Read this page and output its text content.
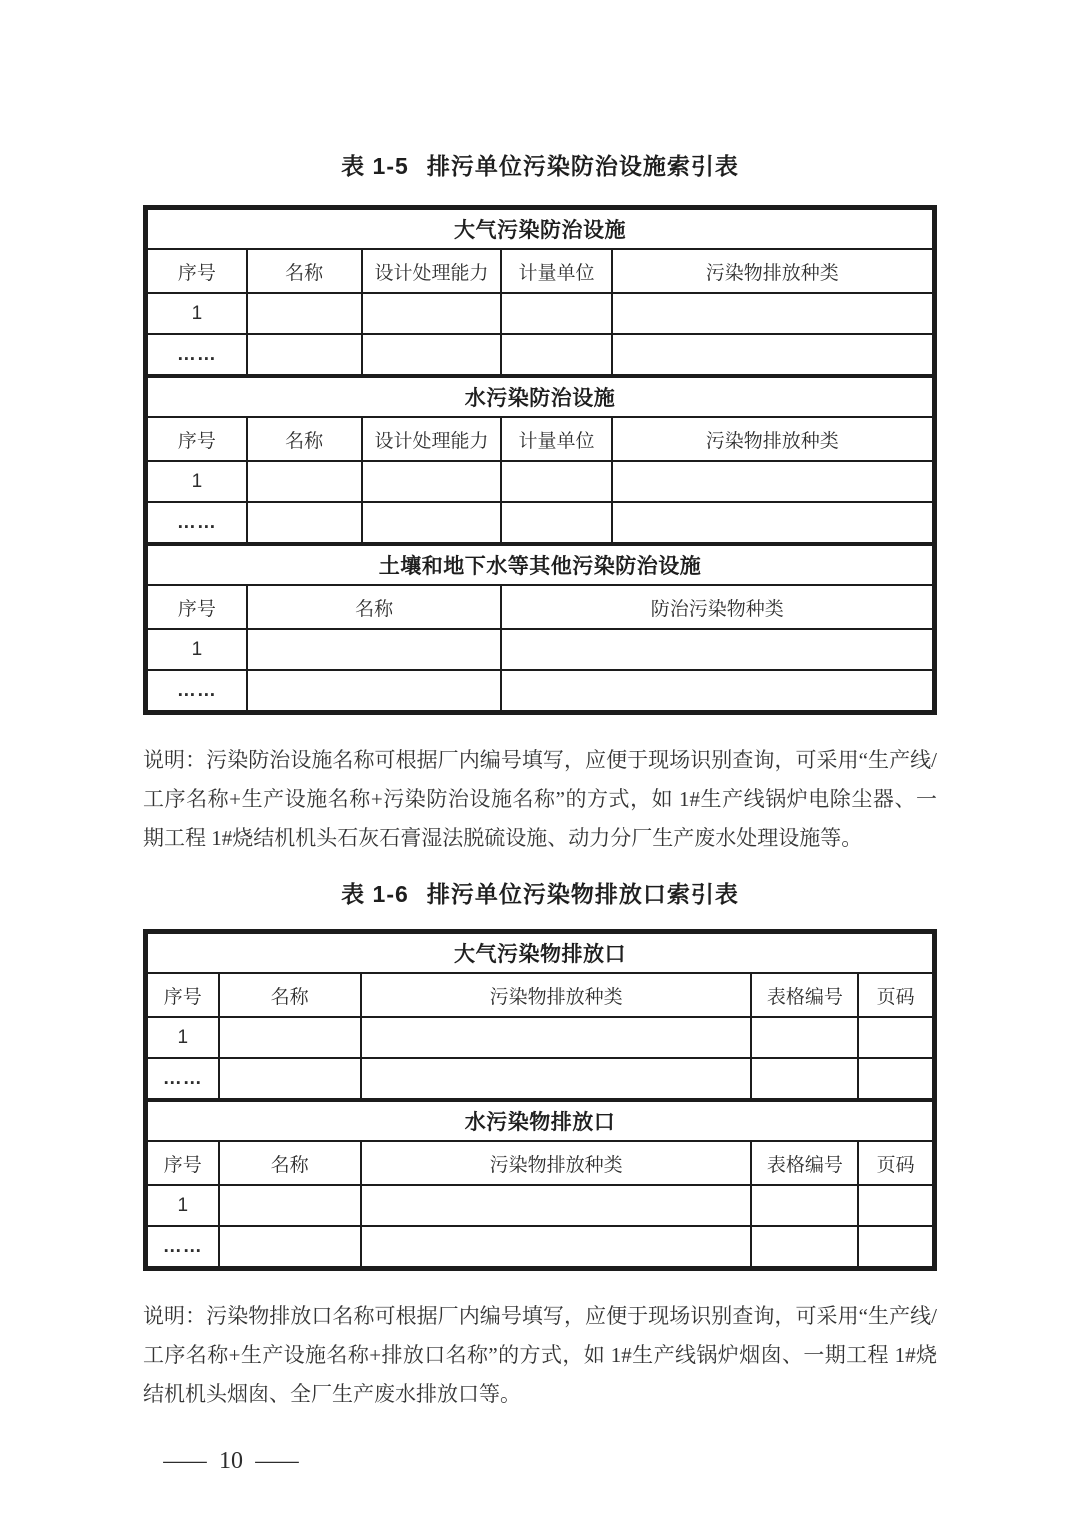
表 1-5 排污单位污染防治设施索引表
大气污染防治设施				
序号	名称	设计处理能力	计量单位	污染物排放种类
1				
……				
水污染防治设施				
序号	名称	设计处理能力	计量单位	污染物排放种类
1				
……				
土壤和地下水等其他污染防治设施		
序号	名称	防治污染物种类
1		
……		

说明：污染防治设施名称可根据厂内编号填写，应便于现场识别查询，可采用“生产线/工序名称+生产设施名称+污染防治设施名称”的方式，如 1#生产线锅炉电除尘器、一期工程 1#烧结机机头石灰石膏湿法脱硫设施、动力分厂生产废水处理设施等。

表 1-6 排污单位污染物排放口索引表
大气污染物排放口				
序号	名称	污染物排放种类	表格编号	页码
1				
……				
水污染物排放口				
序号	名称	污染物排放种类	表格编号	页码
1				
……				

说明：污染物排放口名称可根据厂内编号填写，应便于现场识别查询，可采用“生产线/工序名称+生产设施名称+排放口名称”的方式，如 1#生产线锅炉烟囱、一期工程 1#烧结机机头烟囱、全厂生产废水排放口等。

— 10 —
